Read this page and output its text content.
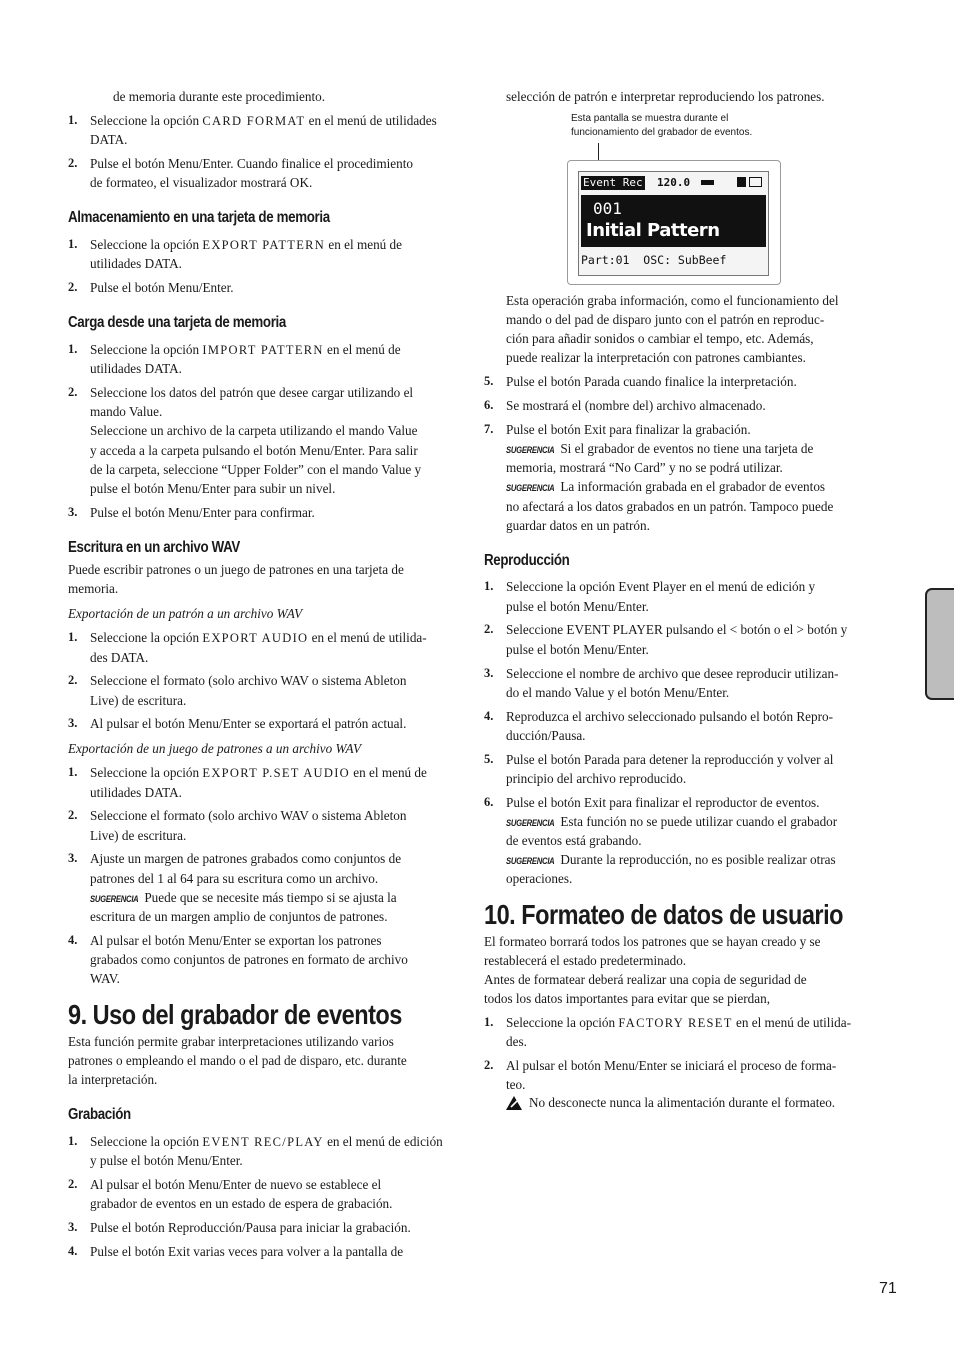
de memoria durante este procedimiento.
1. Seleccione la opción CARD FORMAT en el menú de utilidades
DATA.
2. Pulse el botón Menu/Enter. Cuando finalice el procedimiento
de formateo, el visualizador mostrará OK.
Almacenamiento en una tarjeta de memoria
1. Seleccione la opción EXPORT PATTERN en el menú de
utilidades DATA.
2. Pulse el botón Menu/Enter.
Carga desde una tarjeta de memoria
1. Seleccione la opción IMPORT PATTERN en el menú de
utilidades DATA.
2. Seleccione los datos del patrón que desee cargar utilizando el
mando Value.
Seleccione un archivo de la carpeta utilizando el mando Value
y acceda a la carpeta pulsando el botón Menu/Enter. Para salir
de la carpeta, seleccione “Upper Folder” con el mando Value y
pulse el botón Menu/Enter para subir un nivel.
3. Pulse el botón Menu/Enter para confirmar.
Escritura en un archivo WAV
Puede escribir patrones o un juego de patrones en una tarjeta de
memoria.
Exportación de un patrón a un archivo WAV
1. Seleccione la opción EXPORT AUDIO en el menú de utilida-
des DATA.
2. Seleccione el formato (solo archivo WAV o sistema Ableton
Live) de escritura.
3. Al pulsar el botón Menu/Enter se exportará el patrón actual.
Exportación de un juego de patrones a un archivo WAV
1. Seleccione la opción EXPORT P.SET AUDIO en el menú de
utilidades DATA.
2. Seleccione el formato (solo archivo WAV o sistema Ableton
Live) de escritura.
3. Ajuste un margen de patrones grabados como conjuntos de
patrones del 1 al 64 para su escritura como un archivo.
SUGERENCIA Puede que se necesite más tiempo si se ajusta la
escritura de un margen amplio de conjuntos de patrones.
4. Al pulsar el botón Menu/Enter se exportan los patrones
grabados como conjuntos de patrones en formato de archivo
WAV.
9. Uso del grabador de eventos
Esta función permite grabar interpretaciones utilizando varios
patrones o empleando el mando o el pad de disparo, etc. durante
la interpretación.
Grabación
1. Seleccione la opción EVENT REC/PLAY en el menú de edición
y pulse el botón Menu/Enter.
2. Al pulsar el botón Menu/Enter de nuevo se establece el
grabador de eventos en un estado de espera de grabación.
3. Pulse el botón Reproducción/Pausa para iniciar la grabación.
4. Pulse el botón Exit varias veces para volver a la pantalla de
selección de patrón e interpretar reproduciendo los patrones.
Esta pantalla se muestra durante el
funcionamiento del grabador de eventos.
Event Rec 120.0
001
Initial Pattern
Part:01  OSC: SubBeef
Esta operación graba información, como el funcionamiento del
mando o del pad de disparo junto con el patrón en reproduc-
ción para añadir sonidos o cambiar el tempo, etc. Además,
puede realizar la interpretación con patrones cambiantes.
5. Pulse el botón Parada cuando finalice la interpretación.
6. Se mostrará el (nombre del) archivo almacenado.
7. Pulse el botón Exit para finalizar la grabación.
SUGERENCIA Si el grabador de eventos no tiene una tarjeta de
memoria, mostrará “No Card” y no se podrá utilizar.
SUGERENCIA La información grabada en el grabador de eventos
no afectará a los datos grabados en un patrón. Tampoco puede
guardar datos en un patrón.
Reproducción
1. Seleccione la opción Event Player en el menú de edición y
pulse el botón Menu/Enter.
2. Seleccione EVENT PLAYER pulsando el < botón o el > botón y
pulse el botón Menu/Enter.
3. Seleccione el nombre de archivo que desee reproducir utilizan-
do el mando Value y el botón Menu/Enter.
4. Reproduzca el archivo seleccionado pulsando el botón Repro-
ducción/Pausa.
5. Pulse el botón Parada para detener la reproducción y volver al
principio del archivo reproducido.
6. Pulse el botón Exit para finalizar el reproductor de eventos.
SUGERENCIA Esta función no se puede utilizar cuando el grabador
de eventos está grabando.
SUGERENCIA Durante la reproducción, no es posible realizar otras
operaciones.
10. Formateo de datos de usuario
El formateo borrará todos los patrones que se hayan creado y se
restablecerá el estado predeterminado.
Antes de formatear deberá realizar una copia de seguridad de
todos los datos importantes para evitar que se pierdan,
1. Seleccione la opción FACTORY RESET en el menú de utilida-
des.
2. Al pulsar el botón Menu/Enter se iniciará el proceso de forma-
teo.
No desconecte nunca la alimentación durante el formateo.
71
